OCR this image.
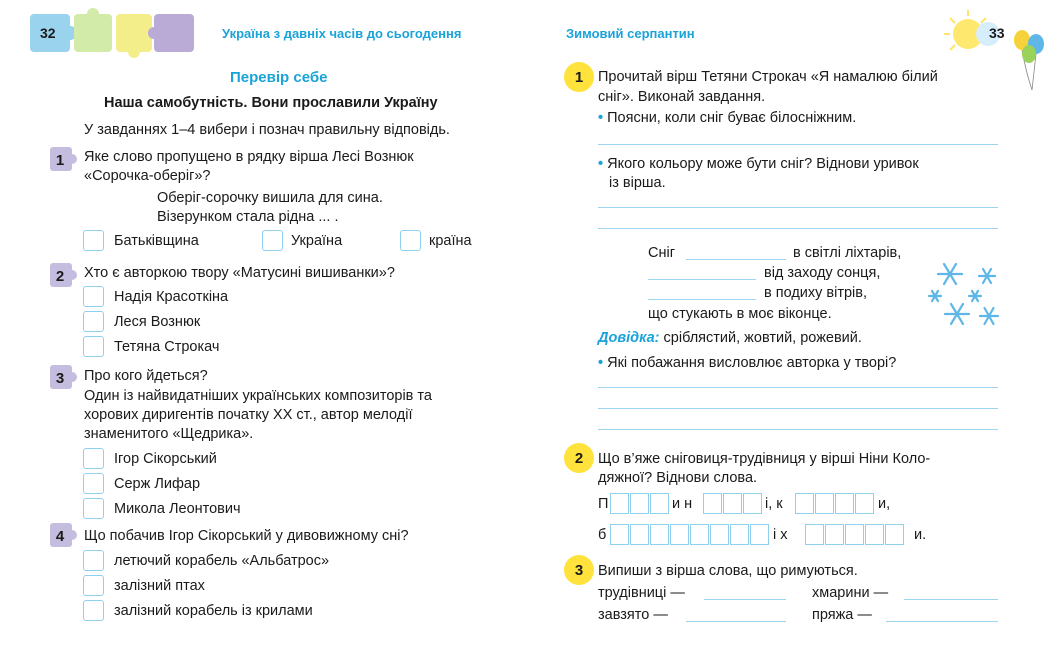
32	Україна з давніх часів до сьогодення
Перевір себе
Наша самобутність. Вони прославили Україну
У завданнях 1–4 вибери і познач правильну відповідь.
1 Яке слово пропущено в рядку вірша Лесі Вознюк
«Сорочка-оберіг»?
Оберіг-сорочку вишила для сина.
Візерунком стала рідна ... .
Батьківщина	Україна	країна
2 Хто є авторкою твору «Матусині вишиванки»?
Надія Красоткіна
Леся Вознюк
Тетяна Строкач
3 Про кого йдеться?
Один із найвидатніших українських композиторів та
хорових диригентів початку ХХ ст., автор мелодії
знаменитого «Щедрика».
Ігор Сікорський
Серж Лифар
Микола Леонтович
4 Що побачив Ігор Сікорський у дивовижному сні?
летючий корабель «Альбатрос»
залізний птах
залізний корабель із крилами
Зимовий серпантин	33
1	Прочитай вірш Тетяни Строкач «Я намалюю білий
сніг». Виконай завдання.
• Поясни, коли сніг буває білосніжним.
• Якого кольору може бути сніг? Віднови уривок
із вірша.
Сніг	в світлі ліхтарів,
від заходу сонця,
в подиху вітрів,
що стукають в моє віконце.
Довідка: сріблястий, жовтий, рожевий.
• Які побажання висловлює авторка у творі?
2	Що в’яже сніговиця-трудівниця у вірші Ніни Коло-
дяжної? Віднови слова.
П	и н	і, к	и,
б	і х	и.
3	Випиши з вірша слова, що римуються.
трудівниці —	хмарини —
завзято —	пряжа —
